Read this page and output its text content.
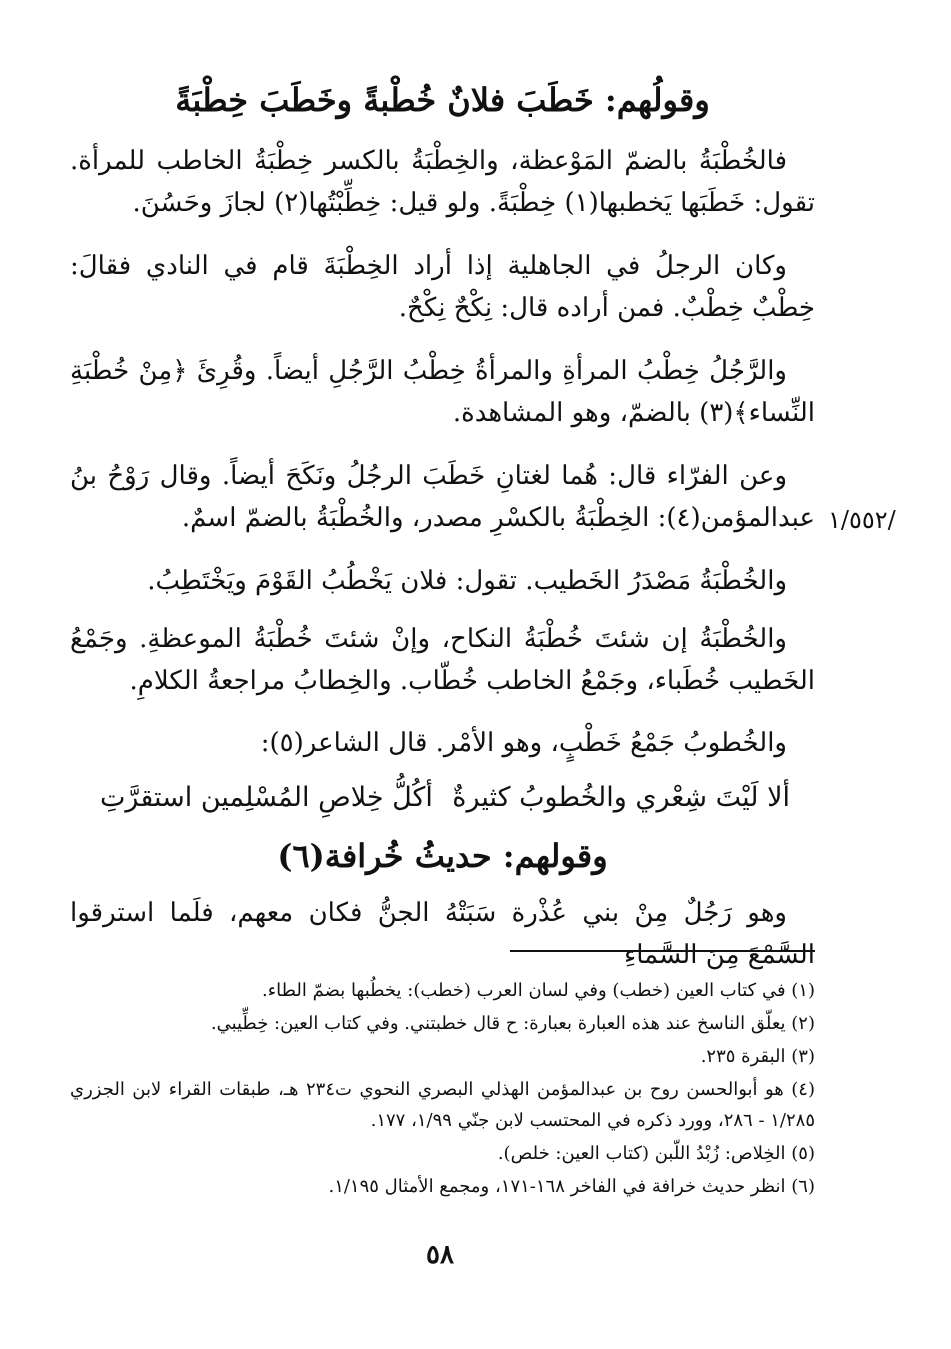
وقولُهم: خَطَبَ فلانٌ خُطْبةً وخَطَبَ خِطْبَةً

فالخُطْبَةُ بالضمّ المَوْعظة، والخِطْبَةُ بالكسر خِطْبَةُ الخاطب للمرأة. تقول: خَطَبَها يَخطبها(١) خِطْبَةً. ولو قيل: خِطِّبْتُها(٢) لجازَ وحَسُنَ.

وكان الرجلُ في الجاهلية إذا أراد الخِطْبَةَ قام في النادي فقالَ: خِطْبٌ خِطْبٌ. فمن أراده قال: نِكْحٌ نِكْحٌ.

والرَّجُلُ خِطْبُ المرأةِ والمرأةُ خِطْبُ الرَّجُلِ أيضاً. وقُرِئَ ﴿مِنْ خُطْبَةِ النِّساء﴾(٣) بالضمّ، وهو المشاهدة.

وعن الفرّاء قال: هُما لغتانِ خَطَبَ الرجُلُ ونَكَحَ أيضاً. وقال رَوْحُ بنُ عبدالمؤمن(٤): الخِطْبَةُ بالكسْرِ مصدر، والخُطْبَةُ بالضمّ اسمٌ. ١/٥٥٢/

والخُطْبَةُ مَصْدَرُ الخَطيب. تقول: فلان يَخْطُبُ القَوْمَ ويَخْتَطِبُ.

والخُطْبَةُ إن شئتَ خُطْبَةُ النكاح، وإنْ شئتَ خُطْبَةُ الموعظةِ. وجَمْعُ الخَطيب خُطَباء، وجَمْعُ الخاطب خُطّاب. والخِطابُ مراجعةُ الكلامِ.

والخُطوبُ جَمْعُ خَطْبٍ، وهو الأمْر. قال الشاعر(٥):

ألا لَيْتَ شِعْري والخُطوبُ كثيرةٌ
أكُلُّ خِلاصِ المُسْلِمين استقرَّتِ
وقولهم: حديثُ خُرافة(٦)

وهو رَجُلٌ مِنْ بني عُذْرة سَبَتْهُ الجنُّ فكان معهم، فلَما استرقوا السَّمْعَ مِنَ السَّماءِ

(١) في كتاب العين (خطب) وفي لسان العرب (خطب): يخطُبها بضمّ الطاء.

(٢) يعلّق الناسخ عند هذه العبارة بعبارة: ح قال خطبتني. وفي كتاب العين: خِطِّيبي.

(٣) البقرة ٢٣٥.

(٤) هو أبوالحسن روح بن عبدالمؤمن الهذلي البصري النحوي ت٢٣٤ هـ، طبقات القراء لابن الجزري ١/٢٨٥ - ٢٨٦، وورد ذكره في المحتسب لابن جنّي ١/٩٩، ١٧٧.

(٥) الخِلاص: زُبْدُ اللّبن (كتاب العين: خلص).

(٦) انظر حديث خرافة في الفاخر ١٦٨-١٧١، ومجمع الأمثال ١/١٩٥.

٥٨
